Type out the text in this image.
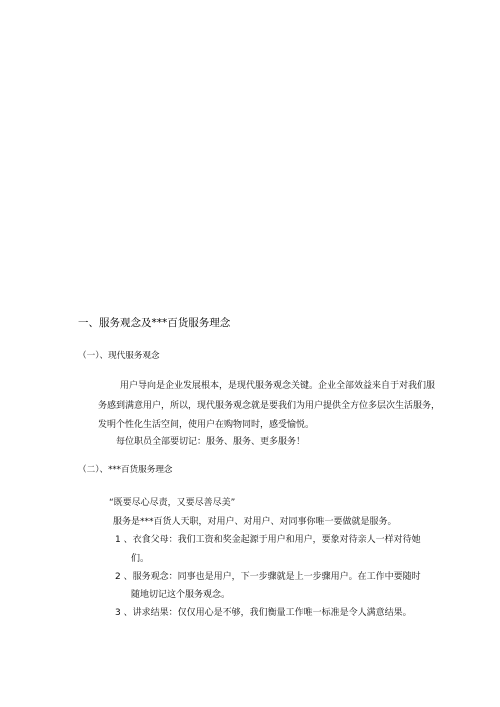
一、服务观念及***百货服务理念
（一）、现代服务观念
用户导向是企业发展根本，是现代服务观念关键。企业全部效益来自于对我们服
务感到满意用户，所以，现代服务观念就是要我们为用户提供全方位多层次生活服务，
发明个性化生活空间，使用户在购物同时，感受愉悦。
每位职员全部要切记：服务、服务、更多服务！
（二）、***百货服务理念
“既要尽心尽责，又要尽善尽美”
服务是***百货人天职，对用户、对用户、对同事你唯一要做就是服务。
1 、衣食父母：我们工资和奖金起源于用户和用户，要象对待亲人一样对待她
们。
2 、服务观念：同事也是用户，下一步骤就是上一步骤用户。在工作中要随时
随地切记这个服务观念。
3 、讲求结果：仅仅用心是不够，我们衡量工作唯一标准是令人满意结果。
